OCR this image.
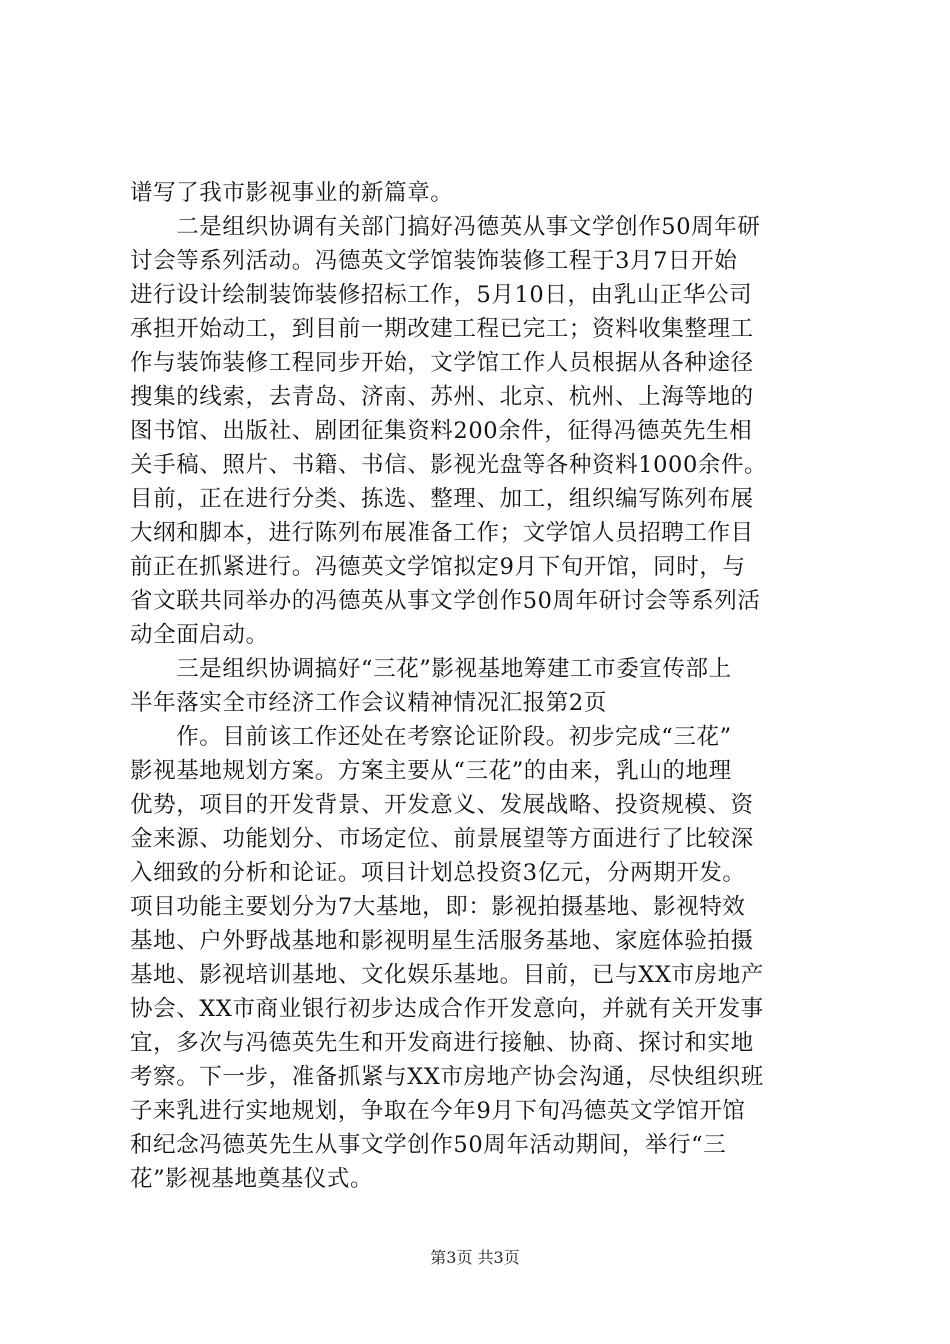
谱写了我市影视事业的新篇章。
　　二是组织协调有关部门搞好冯德英从事文学创作50周年研
讨会等系列活动。冯德英文学馆装饰装修工程于3月7日开始
进行设计绘制装饰装修招标工作，5月10日，由乳山正华公司
承担开始动工，到目前一期改建工程已完工；资料收集整理工
作与装饰装修工程同步开始，文学馆工作人员根据从各种途径
搜集的线索，去青岛、济南、苏州、北京、杭州、上海等地的
图书馆、出版社、剧团征集资料200余件，征得冯德英先生相
关手稿、照片、书籍、书信、影视光盘等各种资料1000余件。
目前，正在进行分类、拣选、整理、加工，组织编写陈列布展
大纲和脚本，进行陈列布展准备工作；文学馆人员招聘工作目
前正在抓紧进行。冯德英文学馆拟定9月下旬开馆，同时，与
省文联共同举办的冯德英从事文学创作50周年研讨会等系列活
动全面启动。
　　三是组织协调搞好“三花”影视基地筹建工市委宣传部上
半年落实全市经济工作会议精神情况汇报第2页
　　作。目前该工作还处在考察论证阶段。初步完成“三花”
影视基地规划方案。方案主要从“三花”的由来，乳山的地理
优势，项目的开发背景、开发意义、发展战略、投资规模、资
金来源、功能划分、市场定位、前景展望等方面进行了比较深
入细致的分析和论证。项目计划总投资3亿元，分两期开发。
项目功能主要划分为7大基地，即：影视拍摄基地、影视特效
基地、户外野战基地和影视明星生活服务基地、家庭体验拍摄
基地、影视培训基地、文化娱乐基地。目前，已与XX市房地产
协会、XX市商业银行初步达成合作开发意向，并就有关开发事
宜，多次与冯德英先生和开发商进行接触、协商、探讨和实地
考察。下一步，准备抓紧与XX市房地产协会沟通，尽快组织班
子来乳进行实地规划，争取在今年9月下旬冯德英文学馆开馆
和纪念冯德英先生从事文学创作50周年活动期间，举行“三
花”影视基地奠基仪式。
第3页 共3页
